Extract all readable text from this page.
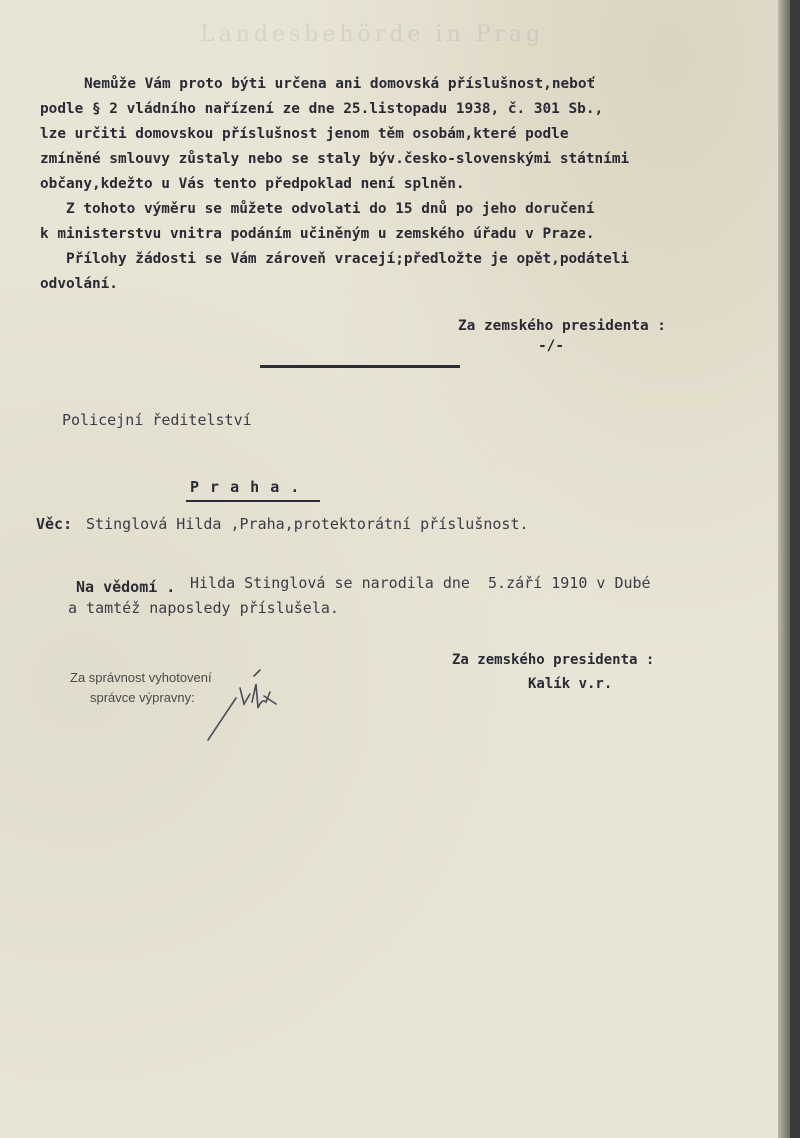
Landesbehörde in Prag
Nemůže Vám proto býti určena ani domovská příslušnost,neboť
podle § 2 vládního nařízení ze dne 25.listopadu 1938, č. 301 Sb.,
lze určiti domovskou příslušnost jenom těm osobám,které podle
zmíněné smlouvy zůstaly nebo se staly býv.česko-slovenskými státními
občany,kdežto u Vás tento předpoklad není splněn.
Z tohoto výměru se můžete odvolati do 15 dnů po jeho doručení
k ministerstvu vnitra podáním učiněným u zemského úřadu v Praze.
Přílohy žádosti se Vám zároveň vracejí;předložte je opět,podáteli
odvolání.
Za zemského presidenta :
-/-
Policejní ředitelství
P r a h a .
Věc: Stinglová Hilda ,Praha,protektorátní příslušnost.
Na vědomí . Hilda Stinglová se narodila dne  5.září 1910 v Dubé
a tamtéž naposledy příslušela.
Za zemského presidenta :
Kalík v.r.
Za správnost vyhotovení
správce výpravny:
